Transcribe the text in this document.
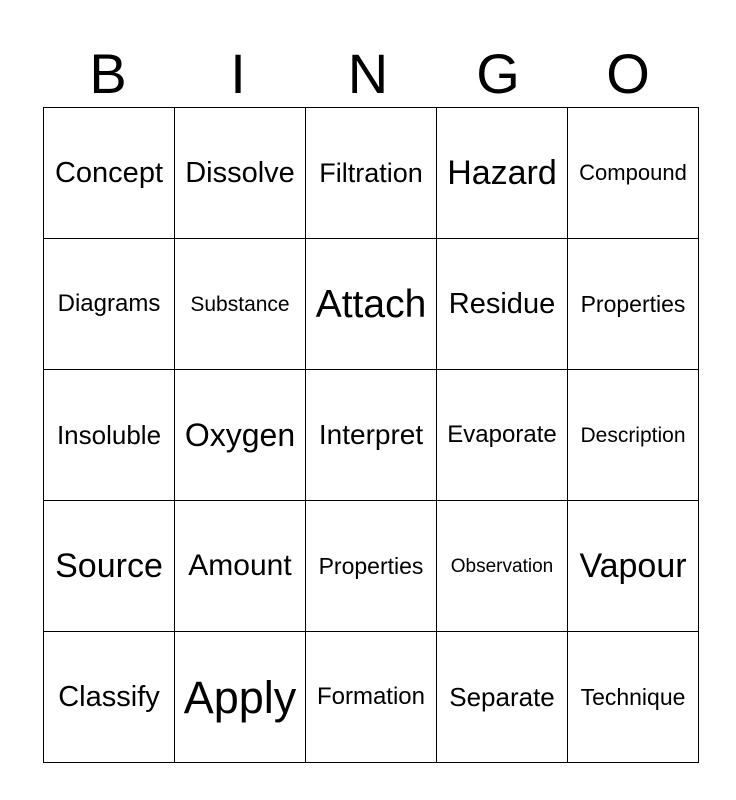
B	I	N	G	O
Concept	Dissolve	Filtration	Hazard	Compound
Diagrams	Substance	Attach	Residue	Properties
Insoluble	Oxygen	Interpret	Evaporate	Description
Source	Amount	Properties	Observation	Vapour
Classify	Apply	Formation	Separate	Technique
